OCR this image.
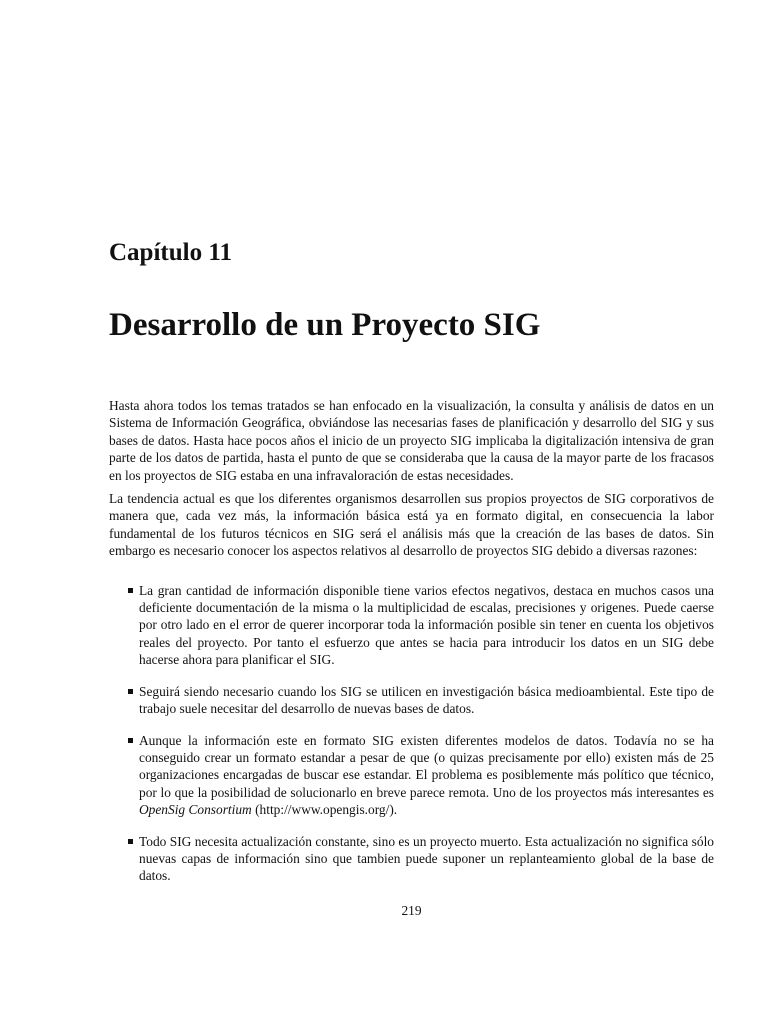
Capítulo 11
Desarrollo de un Proyecto SIG

Hasta ahora todos los temas tratados se han enfocado en la visualización, la consulta y análisis de datos en un Sistema de Información Geográfica, obviándose las necesarias fases de planificación y desarrollo del SIG y sus bases de datos. Hasta hace pocos años el inicio de un proyecto SIG implicaba la digitalización intensiva de gran parte de los datos de partida, hasta el punto de que se consideraba que la causa de la mayor parte de los fracasos en los proyectos de SIG estaba en una infravaloración de estas necesidades.

La tendencia actual es que los diferentes organismos desarrollen sus propios proyectos de SIG corporativos de manera que, cada vez más, la información básica está ya en formato digital, en consecuencia la labor fundamental de los futuros técnicos en SIG será el análisis más que la creación de las bases de datos. Sin embargo es necesario conocer los aspectos relativos al desarrollo de proyectos SIG debido a diversas razones:

La gran cantidad de información disponible tiene varios efectos negativos, destaca en muchos casos una deficiente documentación de la misma o la multiplicidad de escalas, precisiones y origenes. Puede caerse por otro lado en el error de querer incorporar toda la información posible sin tener en cuenta los objetivos reales del proyecto. Por tanto el esfuerzo que antes se hacia para introducir los datos en un SIG debe hacerse ahora para planificar el SIG.
Seguirá siendo necesario cuando los SIG se utilicen en investigación básica medioambiental. Este tipo de trabajo suele necesitar del desarrollo de nuevas bases de datos.
Aunque la información este en formato SIG existen diferentes modelos de datos. Todavía no se ha conseguido crear un formato estandar a pesar de que (o quizas precisamente por ello) existen más de 25 organizaciones encargadas de buscar ese estandar. El problema es posiblemente más político que técnico, por lo que la posibilidad de solucionarlo en breve parece remota. Uno de los proyectos más interesantes es OpenSig Consortium (http://www.opengis.org/).
Todo SIG necesita actualización constante, sino es un proyecto muerto. Esta actualización no significa sólo nuevas capas de información sino que tambien puede suponer un replanteamiento global de la base de datos.
219
